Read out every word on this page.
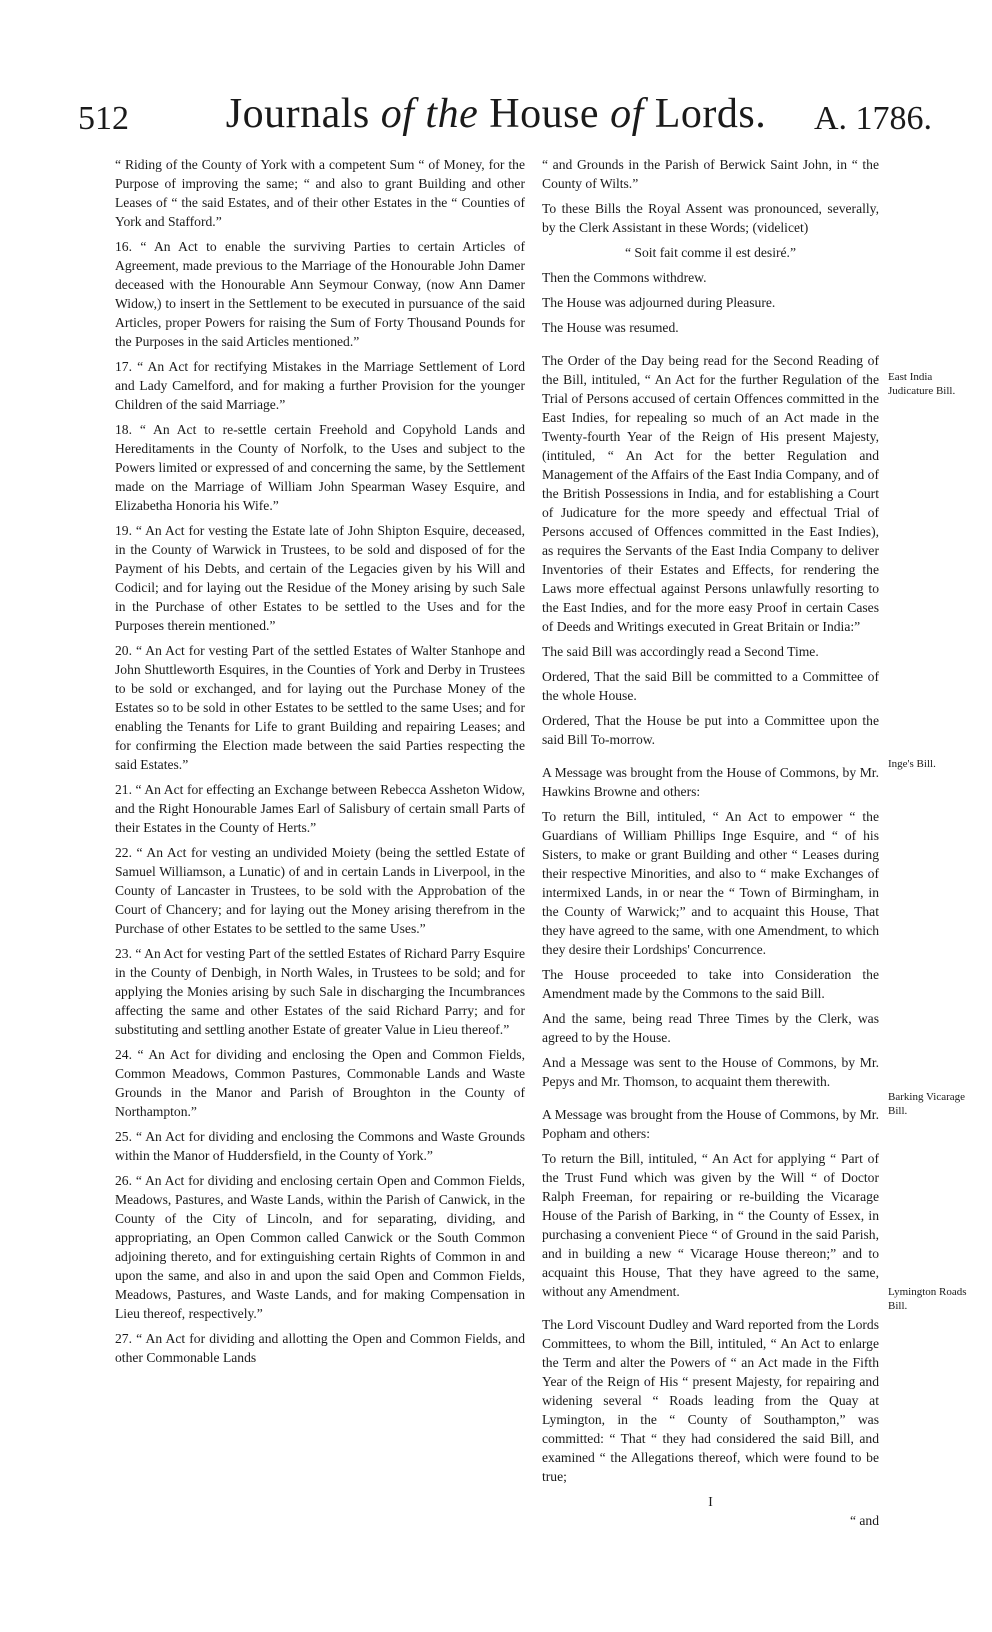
512	Journals of the House of Lords.	A. 1786.

“ Riding of the County of York with a competent Sum “ of Money, for the Purpose of improving the same; “ and also to grant Building and other Leases of “ the said Estates, and of their other Estates in the “ Counties of York and Stafford.”

16. “ An Act to enable the surviving Parties to certain Articles of Agreement, made previous to the Marriage of the Honourable John Damer deceased with the Honourable Ann Seymour Conway, (now Ann Damer Widow,) to insert in the Settlement to be executed in pursuance of the said Articles, proper Powers for raising the Sum of Forty Thousand Pounds for the Purposes in the said Articles mentioned.”

17. “ An Act for rectifying Mistakes in the Marriage Settlement of Lord and Lady Camelford, and for making a further Provision for the younger Children of the said Marriage.”

18. “ An Act to re-settle certain Freehold and Copyhold Lands and Hereditaments in the County of Norfolk, to the Uses and subject to the Powers limited or expressed of and concerning the same, by the Settlement made on the Marriage of William John Spearman Wasey Esquire, and Elizabetha Honoria his Wife.”

19. “ An Act for vesting the Estate late of John Shipton Esquire, deceased, in the County of Warwick in Trustees, to be sold and disposed of for the Payment of his Debts, and certain of the Legacies given by his Will and Codicil; and for laying out the Residue of the Money arising by such Sale in the Purchase of other Estates to be settled to the Uses and for the Purposes therein mentioned.”

20. “ An Act for vesting Part of the settled Estates of Walter Stanhope and John Shuttleworth Esquires, in the Counties of York and Derby in Trustees to be sold or exchanged, and for laying out the Purchase Money of the Estates so to be sold in other Estates to be settled to the same Uses; and for enabling the Tenants for Life to grant Building and repairing Leases; and for confirming the Election made between the said Parties respecting the said Estates.”

21. “ An Act for effecting an Exchange between Rebecca Assheton Widow, and the Right Honourable James Earl of Salisbury of certain small Parts of their Estates in the County of Herts.”

22. “ An Act for vesting an undivided Moiety (being the settled Estate of Samuel Williamson, a Lunatic) of and in certain Lands in Liverpool, in the County of Lancaster in Trustees, to be sold with the Approbation of the Court of Chancery; and for laying out the Money arising therefrom in the Purchase of other Estates to be settled to the same Uses.”

23. “ An Act for vesting Part of the settled Estates of Richard Parry Esquire in the County of Denbigh, in North Wales, in Trustees to be sold; and for applying the Monies arising by such Sale in discharging the Incumbrances affecting the same and other Estates of the said Richard Parry; and for substituting and settling another Estate of greater Value in Lieu thereof.”

24. “ An Act for dividing and enclosing the Open and Common Fields, Common Meadows, Common Pastures, Commonable Lands and Waste Grounds in the Manor and Parish of Broughton in the County of Northampton.”

25. “ An Act for dividing and enclosing the Commons and Waste Grounds within the Manor of Huddersfield, in the County of York.”

26. “ An Act for dividing and enclosing certain Open and Common Fields, Meadows, Pastures, and Waste Lands, within the Parish of Canwick, in the County of the City of Lincoln, and for separating, dividing, and appropriating, an Open Common called Canwick or the South Common adjoining thereto, and for extinguishing certain Rights of Common in and upon the same, and also in and upon the said Open and Common Fields, Meadows, Pastures, and Waste Lands, and for making Compensation in Lieu thereof, respectively.”

27. “ An Act for dividing and allotting the Open and Common Fields, and other Commonable Lands

“ and Grounds in the Parish of Berwick Saint John, in “ the County of Wilts.”

To these Bills the Royal Assent was pronounced, severally, by the Clerk Assistant in these Words; (videlicet)

“ Soit fait comme il est desiré.”

Then the Commons withdrew.

The House was adjourned during Pleasure.

The House was resumed.

The Order of the Day being read for the Second Reading of the Bill, intituled, “ An Act for the further Regulation of the Trial of Persons accused of certain Offences committed in the East Indies, for repealing so much of an Act made in the Twenty-fourth Year of the Reign of His present Majesty, (intituled, “ An Act for the better Regulation and Management of the Affairs of the East India Company, and of the British Possessions in India, and for establishing a Court of Judicature for the more speedy and effectual Trial of Persons accused of Offences committed in the East Indies), as requires the Servants of the East India Company to deliver Inventories of their Estates and Effects, for rendering the Laws more effectual against Persons unlawfully resorting to the East Indies, and for the more easy Proof in certain Cases of Deeds and Writings executed in Great Britain or India:”

The said Bill was accordingly read a Second Time.

Ordered, That the said Bill be committed to a Committee of the whole House.

Ordered, That the House be put into a Committee upon the said Bill To-morrow.

A Message was brought from the House of Commons, by Mr. Hawkins Browne and others:

To return the Bill, intituled, “ An Act to empower “ the Guardians of William Phillips Inge Esquire, and “ of his Sisters, to make or grant Building and other “ Leases during their respective Minorities, and also to “ make Exchanges of intermixed Lands, in or near the “ Town of Birmingham, in the County of Warwick;” and to acquaint this House, That they have agreed to the same, with one Amendment, to which they desire their Lordships' Concurrence.

The House proceeded to take into Consideration the Amendment made by the Commons to the said Bill.

And the same, being read Three Times by the Clerk, was agreed to by the House.

And a Message was sent to the House of Commons, by Mr. Pepys and Mr. Thomson, to acquaint them therewith.

A Message was brought from the House of Commons, by Mr. Popham and others:

To return the Bill, intituled, “ An Act for applying “ Part of the Trust Fund which was given by the Will “ of Doctor Ralph Freeman, for repairing or re-building the Vicarage House of the Parish of Barking, in “ the County of Essex, in purchasing a convenient Piece “ of Ground in the said Parish, and in building a new “ Vicarage House thereon;” and to acquaint this House, That they have agreed to the same, without any Amendment.

The Lord Viscount Dudley and Ward reported from the Lords Committees, to whom the Bill, intituled, “ An Act to enlarge the Term and alter the Powers of “ an Act made in the Fifth Year of the Reign of His “ present Majesty, for repairing and widening several “ Roads leading from the Quay at Lymington, in the “ County of Southampton,” was committed: “ That “ they had considered the said Bill, and examined “ the Allegations thereof, which were found to be true;

I

“ and

East India Judicature Bill.
Inge's Bill.
Barking Vicarage Bill.
Lymington Roads Bill.
